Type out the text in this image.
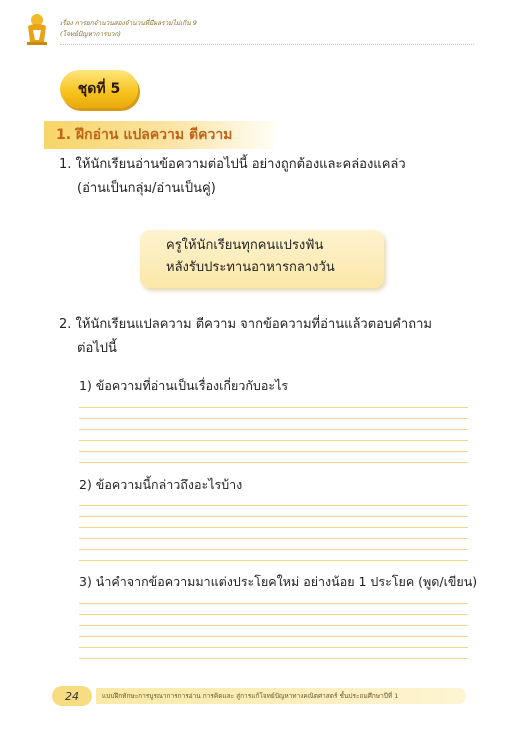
เรื่อง การยกจำนวนสองจำนวนที่มีผลรวมไม่เกิน 9
(โจทย์ปัญหาการบวก)
ชุดที่ 5
1. ฝึกอ่าน แปลความ ตีความ
1. ให้นักเรียนอ่านข้อความต่อไปนี้ อย่างถูกต้องและคล่องแคล่ว
(อ่านเป็นกลุ่ม/อ่านเป็นคู่)
ครูให้นักเรียนทุกคนแปรงฟัน
หลังรับประทานอาหารกลางวัน
2. ให้นักเรียนแปลความ ตีความ จากข้อความที่อ่านแล้วตอบคำถาม
ต่อไปนี้
1) ข้อความที่อ่านเป็นเรื่องเกี่ยวกับอะไร
2) ข้อความนี้กล่าวถึงอะไรบ้าง
3) นำคำจากข้อความมาแต่งประโยคใหม่ อย่างน้อย 1 ประโยค (พูด/เขียน)
24	แบบฝึกทักษะการบูรณาการการอ่าน การคิดและ สู่การแก้โจทย์ปัญหาทางคณิตศาสตร์ ชั้นประถมศึกษาปีที่ 1
